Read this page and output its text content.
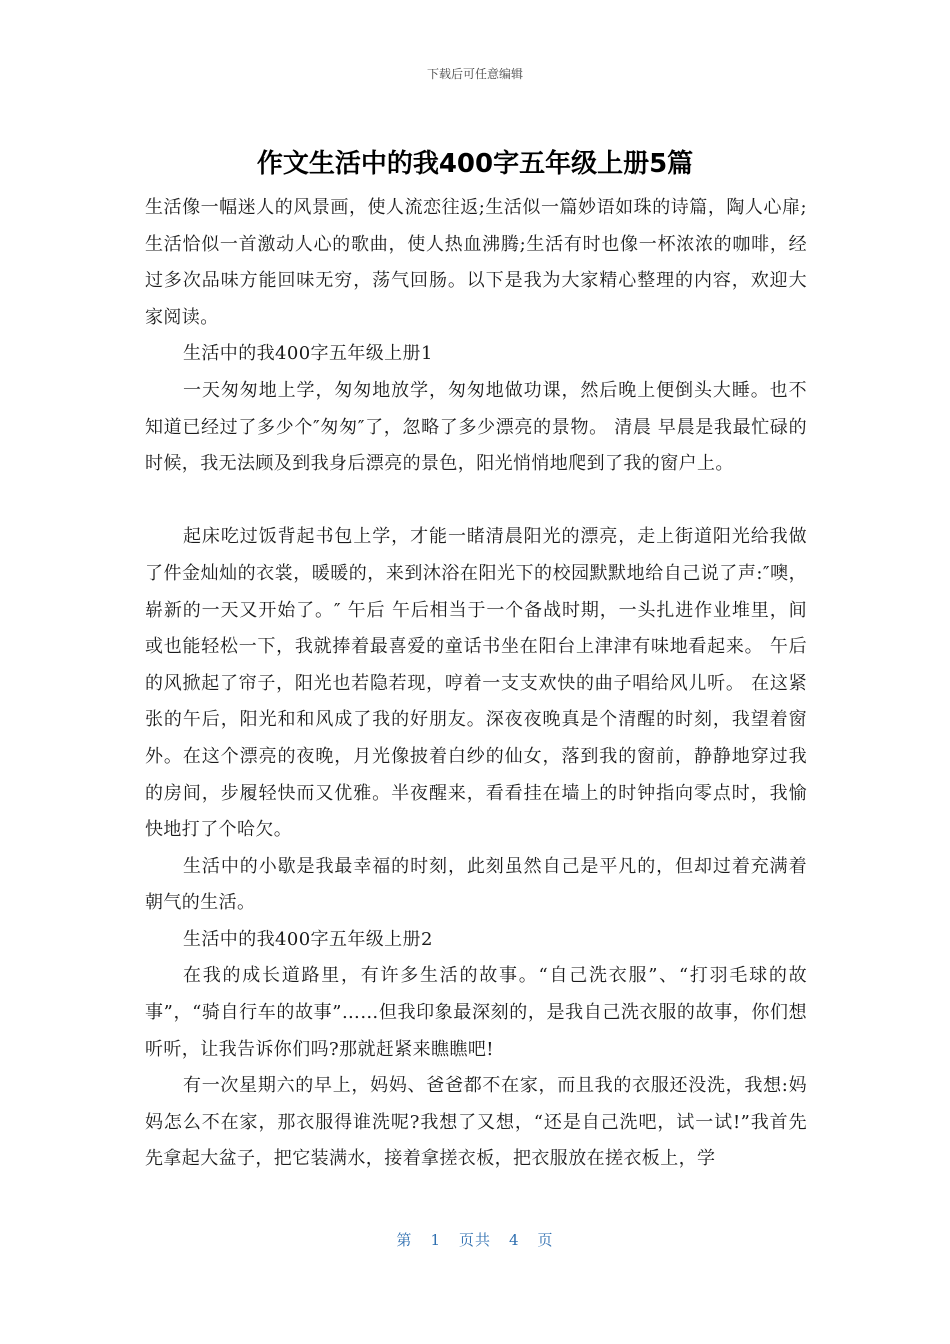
下载后可任意编辑
作文生活中的我400字五年级上册5篇

生活像一幅迷人的风景画，使人流恋往返;生活似一篇妙语如珠的诗篇，陶人心扉;生活恰似一首激动人心的歌曲，使人热血沸腾;生活有时也像一杯浓浓的咖啡，经过多次品味方能回味无穷，荡气回肠。以下是我为大家精心整理的内容，欢迎大家阅读。

生活中的我400字五年级上册1

一天匆匆地上学，匆匆地放学，匆匆地做功课，然后晚上便倒头大睡。也不知道已经过了多少个″匆匆″了，忽略了多少漂亮的景物。 清晨 早晨是我最忙碌的时候，我无法顾及到我身后漂亮的景色，阳光悄悄地爬到了我的窗户上。

起床吃过饭背起书包上学，才能一睹清晨阳光的漂亮，走上街道阳光给我做了件金灿灿的衣裳，暖暖的，来到沐浴在阳光下的校园默默地给自己说了声:″噢，崭新的一天又开始了。″ 午后 午后相当于一个备战时期，一头扎进作业堆里，间或也能轻松一下，我就捧着最喜爱的童话书坐在阳台上津津有味地看起来。 午后的风掀起了帘子，阳光也若隐若现，哼着一支支欢快的曲子唱给风儿听。 在这紧张的午后，阳光和和风成了我的好朋友。深夜夜晚真是个清醒的时刻，我望着窗外。在这个漂亮的夜晚，月光像披着白纱的仙女，落到我的窗前，静静地穿过我的房间，步履轻快而又优雅。半夜醒来，看看挂在墙上的时钟指向零点时，我愉快地打了个哈欠。

生活中的小歇是我最幸福的时刻，此刻虽然自己是平凡的，但却过着充满着朝气的生活。

生活中的我400字五年级上册2

在我的成长道路里，有许多生活的故事。“自己洗衣服”、“打羽毛球的故事”，“骑自行车的故事”……但我印象最深刻的，是我自己洗衣服的故事，你们想听听，让我告诉你们吗?那就赶紧来瞧瞧吧!

有一次星期六的早上，妈妈、爸爸都不在家，而且我的衣服还没洗，我想:妈妈怎么不在家，那衣服得谁洗呢?我想了又想，“还是自己洗吧，试一试!”我首先先拿起大盆子，把它装满水，接着拿搓衣板，把衣服放在搓衣板上，学

第 1 页共 4 页
